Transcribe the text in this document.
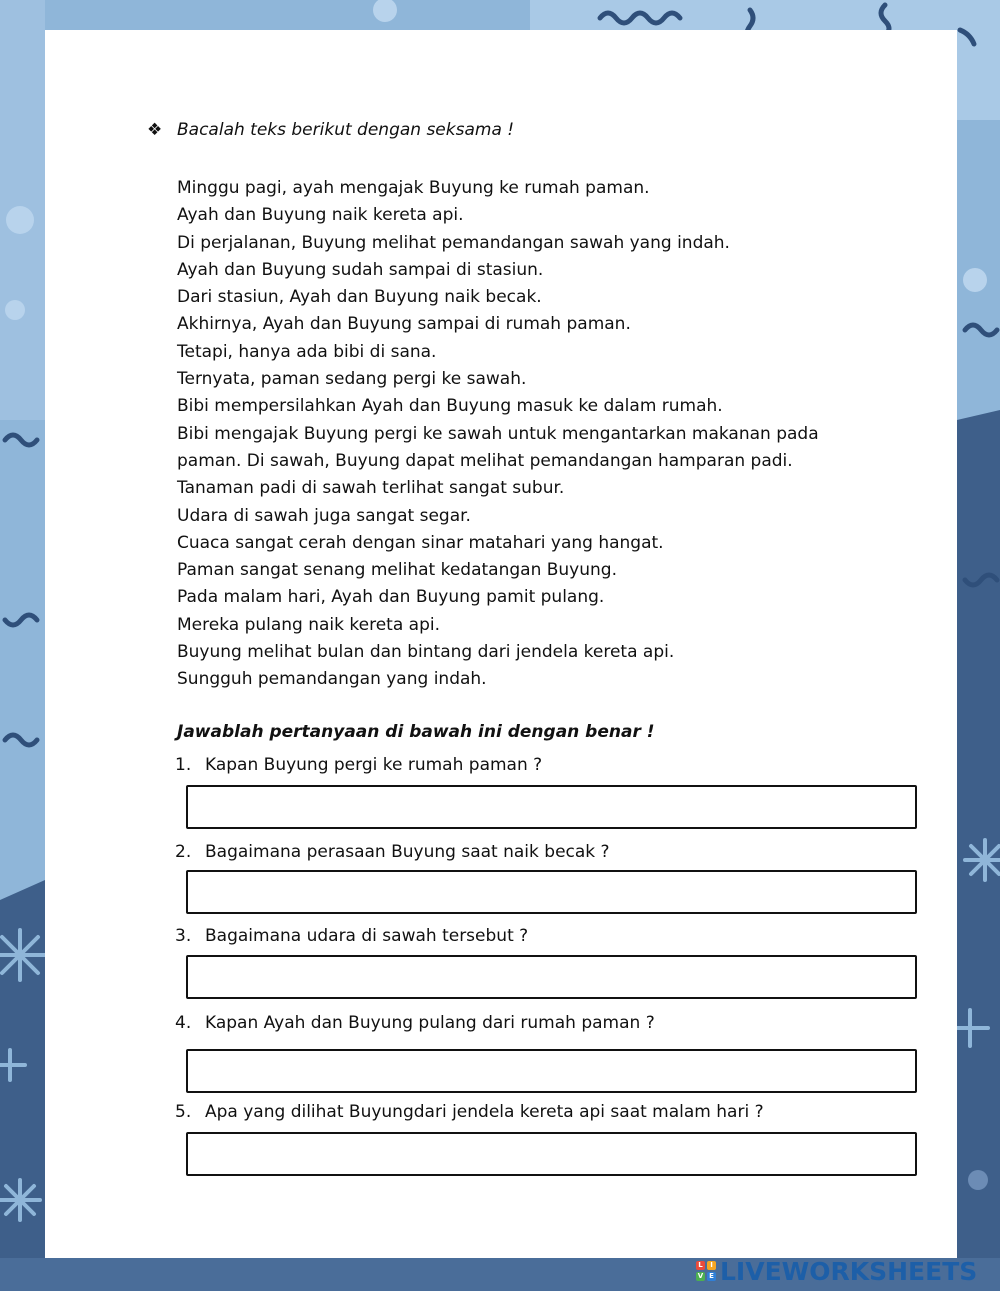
❖ Bacalah teks berikut dengan seksama !
Minggu pagi, ayah mengajak Buyung ke rumah paman.
Ayah dan Buyung naik kereta api.
Di perjalanan, Buyung melihat pemandangan sawah yang indah.
Ayah dan Buyung sudah sampai di stasiun.
Dari stasiun, Ayah dan Buyung naik becak.
Akhirnya, Ayah dan Buyung sampai di rumah paman.
Tetapi, hanya ada bibi di sana.
Ternyata, paman sedang pergi ke sawah.
Bibi mempersilahkan Ayah dan Buyung masuk ke dalam rumah.
Bibi mengajak Buyung pergi ke sawah untuk mengantarkan makanan pada
paman. Di sawah, Buyung dapat melihat pemandangan hamparan padi.
Tanaman padi di sawah terlihat sangat subur.
Udara di sawah juga sangat segar.
Cuaca sangat cerah dengan sinar matahari yang hangat.
Paman sangat senang melihat kedatangan Buyung.
Pada malam hari, Ayah dan Buyung pamit pulang.
Mereka pulang naik kereta api.
Buyung melihat bulan dan bintang dari jendela kereta api.
Sungguh pemandangan yang indah.
Jawablah pertanyaan di bawah ini dengan benar !
1. Kapan Buyung pergi ke rumah paman ?
2. Bagaimana perasaan Buyung saat naik becak ?
3. Bagaimana udara di sawah tersebut ?
4. Kapan Ayah dan Buyung pulang dari rumah paman ?
5. Apa yang dilihat Buyungdari jendela kereta api saat malam hari ?
L	I
V E LIVEWORKSHEETS
